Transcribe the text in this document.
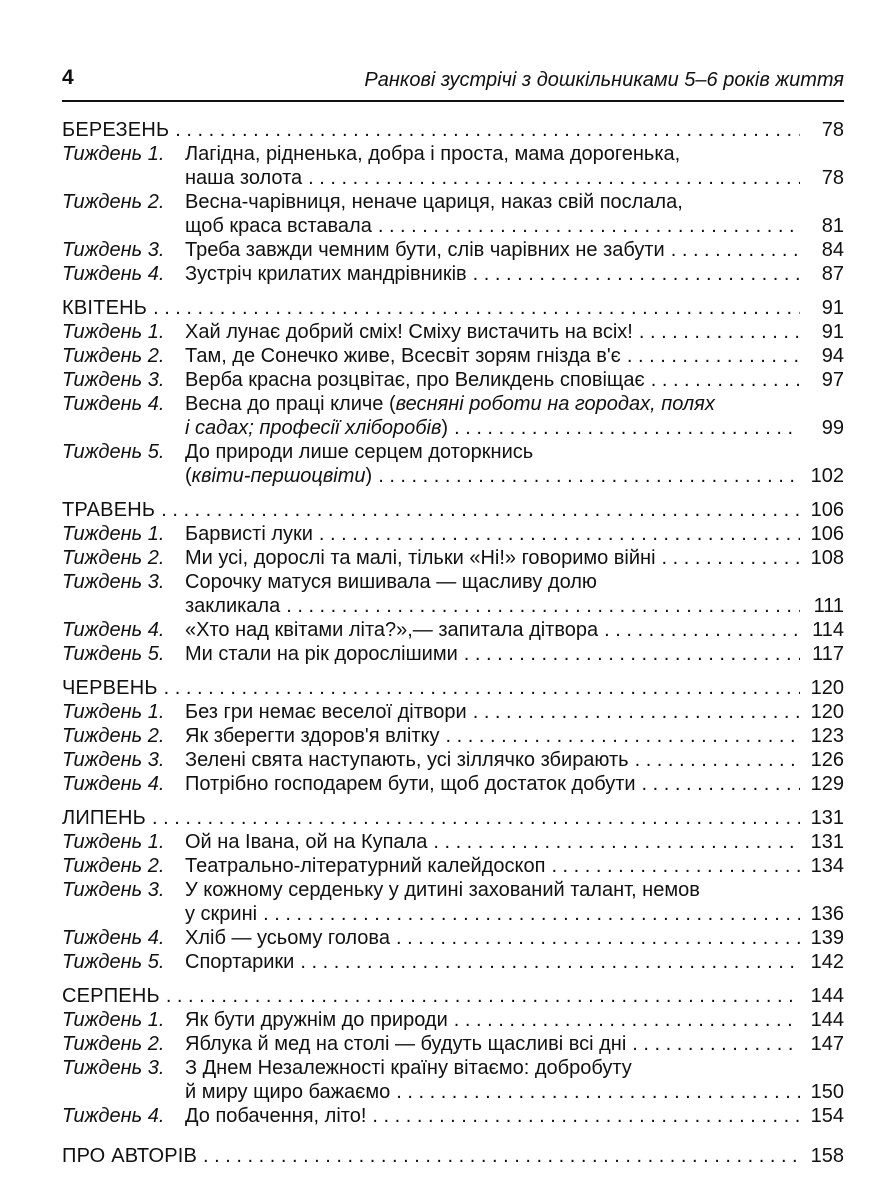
4	Ранкові зустрічі з дошкільниками 5–6 років життя
БЕРЕЗЕНЬ . . .	78
Тиждень 1.	Лагідна, рідненька, добра і проста, мама дорогенька,
наша золота . . .	78
Тиждень 2.	Весна-чарівниця, неначе цариця, наказ свій послала,
щоб краса вставала . . .	81
Тиждень 3.	Треба завжди чемним бути, слів чарівних не забути . . .	84
Тиждень 4.	Зустріч крилатих мандрівників . . .	87
КВІТЕНЬ . . .	91
Тиждень 1.	Хай лунає добрий сміх! Сміху вистачить на всіх! . . .	91
Тиждень 2.	Там, де Сонечко живе, Всесвіт зорям гнізда в'є . . .	94
Тиждень 3.	Верба красна розцвітає, про Великдень сповіщає . . .	97
Тиждень 4.	Весна до праці кличе (весняні роботи на городах, полях
і садах; професії хліборобів) . . .	99
Тиждень 5.	До природи лише серцем доторкнись
(квіти-першоцвіти) . . .	102
ТРАВЕНЬ . . .	106
Тиждень 1.	Барвисті луки . . .	106
Тиждень 2.	Ми усі, дорослі та малі, тільки «Ні!» говоримо війні . . .	108
Тиждень 3.	Сорочку матуся вишивала — щасливу долю
закликала . . .	111
Тиждень 4.	«Хто над квітами літа?»,— запитала дітвора . . .	114
Тиждень 5.	Ми стали на рік дорослішими . . .	117
ЧЕРВЕНЬ . . .	120
Тиждень 1.	Без гри немає веселої дітвори . . .	120
Тиждень 2.	Як зберегти здоров'я влітку . . .	123
Тиждень 3.	Зелені свята наступають, усі зіллячко збирають . . .	126
Тиждень 4.	Потрібно господарем бути, щоб достаток добути . . .	129
ЛИПЕНЬ . . .	131
Тиждень 1.	Ой на Івана, ой на Купала . . .	131
Тиждень 2.	Театрально-літературний калейдоскоп . . .	134
Тиждень 3.	У кожному серденьку у дитині захований талант, немов
у скрині . . .	136
Тиждень 4.	Хліб — усьому голова . . .	139
Тиждень 5.	Спортарики . . .	142
СЕРПЕНЬ . . .	144
Тиждень 1.	Як бути дружнім до природи . . .	144
Тиждень 2.	Яблука й мед на столі — будуть щасливі всі дні . . .	147
Тиждень 3.	З Днем Незалежності країну вітаємо: добробуту
й миру щиро бажаємо . . .	150
Тиждень 4.	До побачення, літо! . . .	154
ПРО АВТОРІВ . . .	158
